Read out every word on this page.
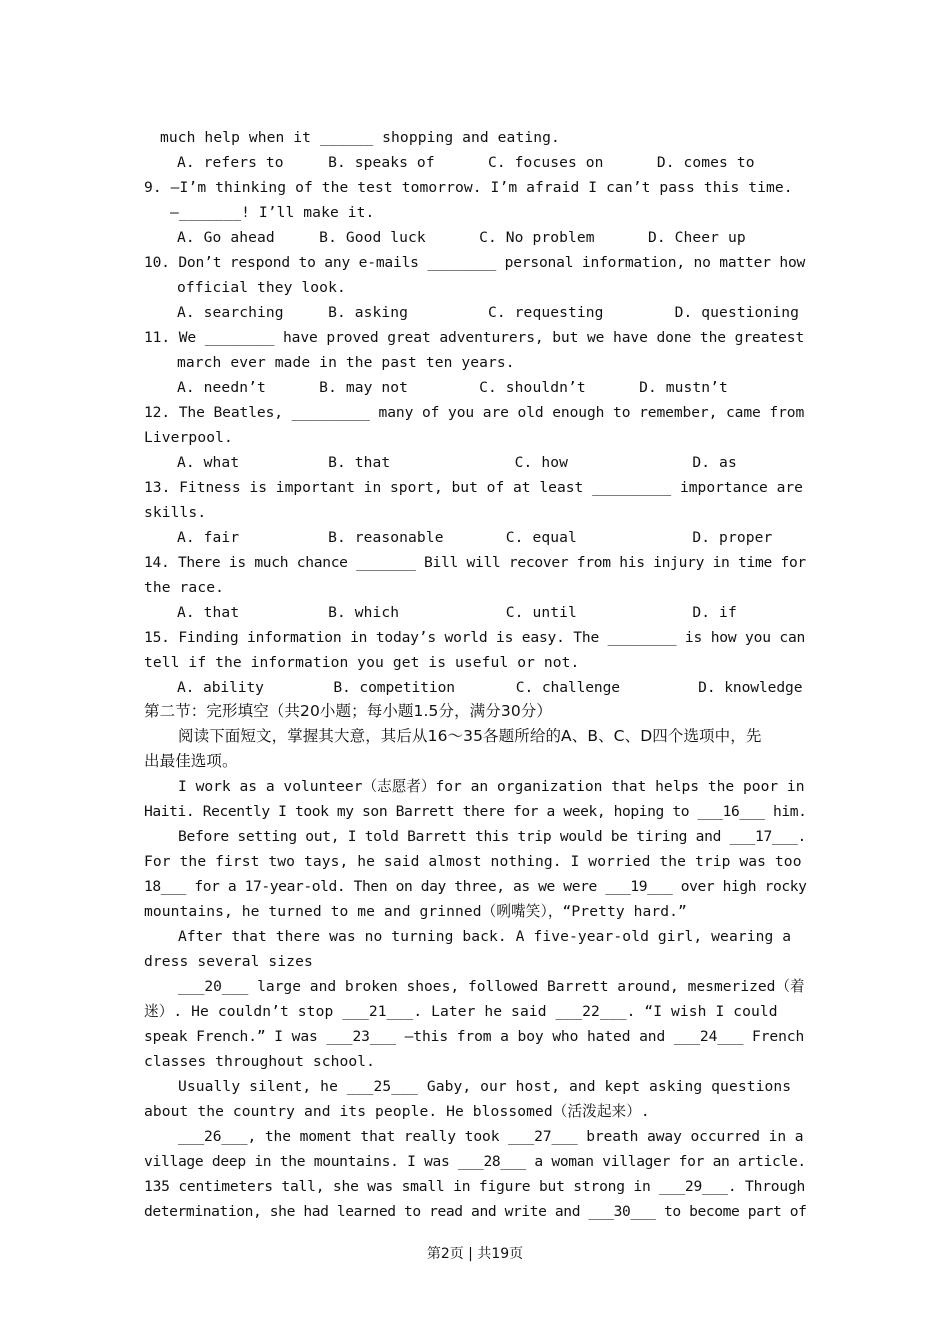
much help when it ______ shopping and eating.
A. refers to     B. speaks of      C. focuses on      D. comes to
9. —I’m thinking of the test tomorrow. I’m afraid I can’t pass this time.
—_______! I’ll make it.
A. Go ahead     B. Good luck      C. No problem      D. Cheer up
10. Don’t respond to any e-mails ________ personal information, no matter how
official they look.
A. searching     B. asking         C. requesting        D. questioning
11. We ________ have proved great adventurers, but we have done the greatest
march ever made in the past ten years.
A. needn’t      B. may not        C. shouldn’t      D. mustn’t
12. The Beatles, _________ many of you are old enough to remember, came from
Liverpool.
A. what          B. that              C. how              D. as
13. Fitness is important in sport, but of at least _________ importance are
skills.
A. fair          B. reasonable       C. equal             D. proper
14. There is much chance _______ Bill will recover from his injury in time for
the race.
A. that          B. which            C. until             D. if
15. Finding information in today’s world is easy. The ________ is how you can
tell if the information you get is useful or not.
A. ability        B. competition       C. challenge         D. knowledge
第二节：完形填空（共20小题；每小题1.5分，满分30分）
阅读下面短文，掌握其大意，其后从16～35各题所给的A、B、C、D四个选项中，先
出最佳选项。
I work as a volunteer（志愿者）for an organization that helps the poor in
Haiti. Recently I took my son Barrett there for a week, hoping to ___16___ him.
Before setting out, I told Barrett this trip would be tiring and ___17___.
For the first two tays, he said almost nothing. I worried the trip was too
18___ for a 17-year-old. Then on day three, as we were ___19___ over high rocky
mountains, he turned to me and grinned（咧嘴笑），“Pretty hard.”
After that there was no turning back. A five-year-old girl, wearing a
dress several sizes
___20___ large and broken shoes, followed Barrett around, mesmerized（着
迷）. He couldn’t stop ___21___. Later he said ___22___. “I wish I could
speak French.” I was ___23___ —this from a boy who hated and ___24___ French
classes throughout school.
Usually silent, he ___25___ Gaby, our host, and kept asking questions
about the country and its people. He blossomed（活泼起来）.
___26___, the moment that really took ___27___ breath away occurred in a
village deep in the mountains. I was ___28___ a woman villager for an article.
135 centimeters tall, she was small in figure but strong in ___29___. Through
determination, she had learned to read and write and ___30___ to become part of
第2页 | 共19页
